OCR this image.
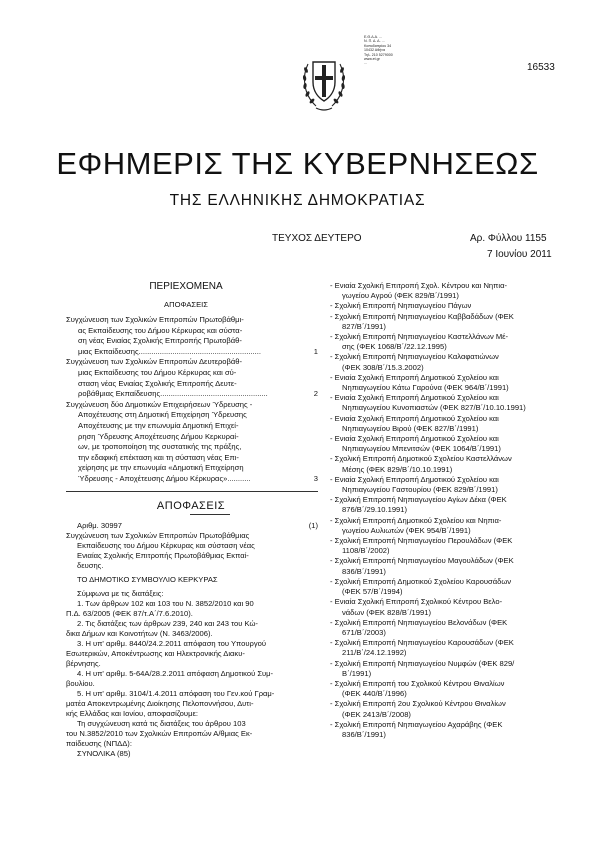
Ε.Θ.Δ.Α. ...
Ν. Π. Δ. Δ. ...
Καποδιστρίου 34
10432 Αθήνα
Τηλ. 210 5279000
www.et.gr
...	16533
ΕΦΗΜΕΡΙΣ ΤΗΣ ΚΥΒΕΡΝΗΣΕΩΣ
ΤΗΣ ΕΛΛΗΝΙΚΗΣ ΔΗΜΟΚΡΑΤΙΑΣ
ΤΕΥΧΟΣ ΔΕΥΤΕΡΟ	Αρ. Φύλλου 1155
7 Ιουνίου 2011
ΠΕΡΙΕΧΟΜΕΝΑ
ΑΠΟΦΑΣΕΙΣ
Συγχώνευση των Σχολικών Επιτροπών Πρωτοβάθμι-
ας Εκπαίδευσης του Δήμου Κέρκυρας και σύστα-
ση νέας Ενιαίας Σχολικής Επιτροπής Πρωτοβάθ-
μιας Εκπαίδευσης..........................................................	1
Συγχώνευση των Σχολικών Επιτροπών Δευτεροβάθ-
μιας Εκπαίδευσης του Δήμου Κέρκυρας και σύ-
σταση νέας Ενιαίας Σχολικής Επιτροπής Δευτε-
ροβάθμιας Εκπαίδευσης...................................................	2
Συγχώνευση δύο Δημοτικών Επιχειρήσεων Ύδρευσης -
Αποχέτευσης στη Δημοτική Επιχείρηση Ύδρευσης
Αποχέτευσης με την επωνυμία Δημοτική Επιχεί-
ρηση Ύδρευσης Αποχέτευσης Δήμου Κερκυραί-
ων, με τροποποίηση της συστατικής της πράξης,
την εδαφική επέκταση και τη σύσταση νέας Επι-
χείρησης με την επωνυμία «Δημοτική Επιχείρηση
Ύδρευσης - Αποχέτευσης Δήμου Κέρκυρας»...........	3
ΑΠΟΦΑΣΕΙΣ
Αριθμ. 30997	(1)
Συγχώνευση των Σχολικών Επιτροπών Πρωτοβάθμιας
Εκπαίδευσης του Δήμου Κέρκυρας και σύσταση νέας
Ενιαίας Σχολικής Επιτροπής Πρωτοβάθμιας Εκπαί-
δευσης.
ΤΟ ΔΗΜΟΤΙΚΟ ΣΥΜΒΟΥΛΙΟ ΚΕΡΚΥΡΑΣ
Σύμφωνα με τις διατάξεις:
1. Των άρθρων 102 και 103 του Ν. 3852/2010 και 90
Π.Δ. 63/2005 (ΦΕΚ 87/τ.Α΄/7.6.2010).
2. Τις διατάξεις των άρθρων 239, 240 και 243 του Κώ-
δικα Δήμων και Κοινοτήτων (Ν. 3463/2006).
3. Η υπ' αριθμ. 8440/24.2.2011 απόφαση του Υπουργού
Εσωτερικών, Αποκέντρωσης και Ηλεκτρονικής Διακυ-
βέρνησης.
4. Η υπ' αριθμ. 5-64Α/28.2.2011 απόφαση Δημοτικού Συμ-
βουλίου.
5. Η υπ' αριθμ. 3104/1.4.2011 απόφαση του Γεν.κού Γραμ-
ματέα Αποκεντρωμένης Διοίκησης Πελοποννήσου, Δυτι-
κής Ελλάδας και Ιονίου, αποφασίζουμε:
Τη συγχώνευση κατά τις διατάξεις του άρθρου 103
του Ν.3852/2010 των Σχολικών Επιτροπών Α/θμιας Εκ-
παίδευσης (ΝΠΔΔ):
ΣΥΝΟΛΙΚΑ (85)
- Ενιαία Σχολική Επιτροπή Σχολ. Κέντρου και Νηπια-
γωγείου Αγρού (ΦΕΚ 829/Β΄/1991)
- Σχολική Επιτροπή Νηπιαγωγείου Πάγων
- Σχολική Επιτροπή Νηπιαγωγείου Καββαδάδων (ΦΕΚ
827/Β΄/1991)
- Σχολική Επιτροπή Νηπιαγωγείου Καστελλάνων Μέ-
σης (ΦΕΚ 1068/Β΄/22.12.1995)
- Σχολική Επιτροπή Νηπιαγωγείου Καλαφατιώνων
(ΦΕΚ 308/Β΄/15.3.2002)
- Ενιαία Σχολική Επιτροπή Δημοτικού Σχολείου και
Νηπιαγωγείου Κάτω Γαρούνα (ΦΕΚ 964/Β΄/1991)
- Ενιαία Σχολική Επιτροπή Δημοτικού Σχολείου και
Νηπιαγωγείου Κυνοπιαστών (ΦΕΚ 827/Β΄/10.10.1991)
- Ενιαία Σχολική Επιτροπή Δημοτικού Σχολείου και
Νηπιαγωγείου Βιρού (ΦΕΚ 827/Β΄/1991)
- Ενιαία Σχολική Επιτροπή Δημοτικού Σχολείου και
Νηπιαγωγείου Μπενιτσών (ΦΕΚ 1064/Β΄/1991)
- Σχολική Επιτροπή Δημοτικού Σχολείου Καστελλάνων
Μέσης (ΦΕΚ 829/Β΄/10.10.1991)
- Ενιαία Σχολική Επιτροπή Δημοτικού Σχολείου και
Νηπιαγωγείου Γαστουρίου (ΦΕΚ 829/Β΄/1991)
- Σχολική Επιτροπή Νηπιαγωγείου Αγίων Δέκα (ΦΕΚ
876/Β΄/29.10.1991)
- Σχολική Επιτροπή Δημοτικού Σχολείου και Νηπια-
γωγείου Αυλιωτών (ΦΕΚ 954/Β΄/1991)
- Σχολική Επιτροπή Νηπιαγωγείου Περουλάδων (ΦΕΚ
1108/Β΄/2002)
- Σχολική Επιτροπή Νηπιαγωγείου Μαγουλάδων (ΦΕΚ
836/Β΄/1991)
- Σχολική Επιτροπή Δημοτικού Σχολείου Καρουσάδων
(ΦΕΚ 57/Β΄/1994)
- Ενιαία Σχολική Επιτροπή Σχολικού Κέντρου Βελο-
νάδων (ΦΕΚ 828/Β΄/1991)
- Σχολική Επιτροπή Νηπιαγωγείου Βελονάδων (ΦΕΚ
671/Β΄/2003)
- Σχολική Επιτροπή Νηπιαγωγείου Καρουσάδων (ΦΕΚ
211/Β΄/24.12.1992)
- Σχολική Επιτροπή Νηπιαγωγείου Νυμφών (ΦΕΚ 829/
Β΄/1991)
- Σχολική Επιτροπή του Σχολικού Κέντρου Θιναλίων
(ΦΕΚ 440/Β΄/1996)
- Σχολική Επιτροπή 2ου Σχολικού Κέντρου Θιναλίων
(ΦΕΚ 2413/Β΄/2008)
- Σχολική Επιτροπή Νηπιαγωγείου Αχαράβης (ΦΕΚ
836/Β΄/1991)
